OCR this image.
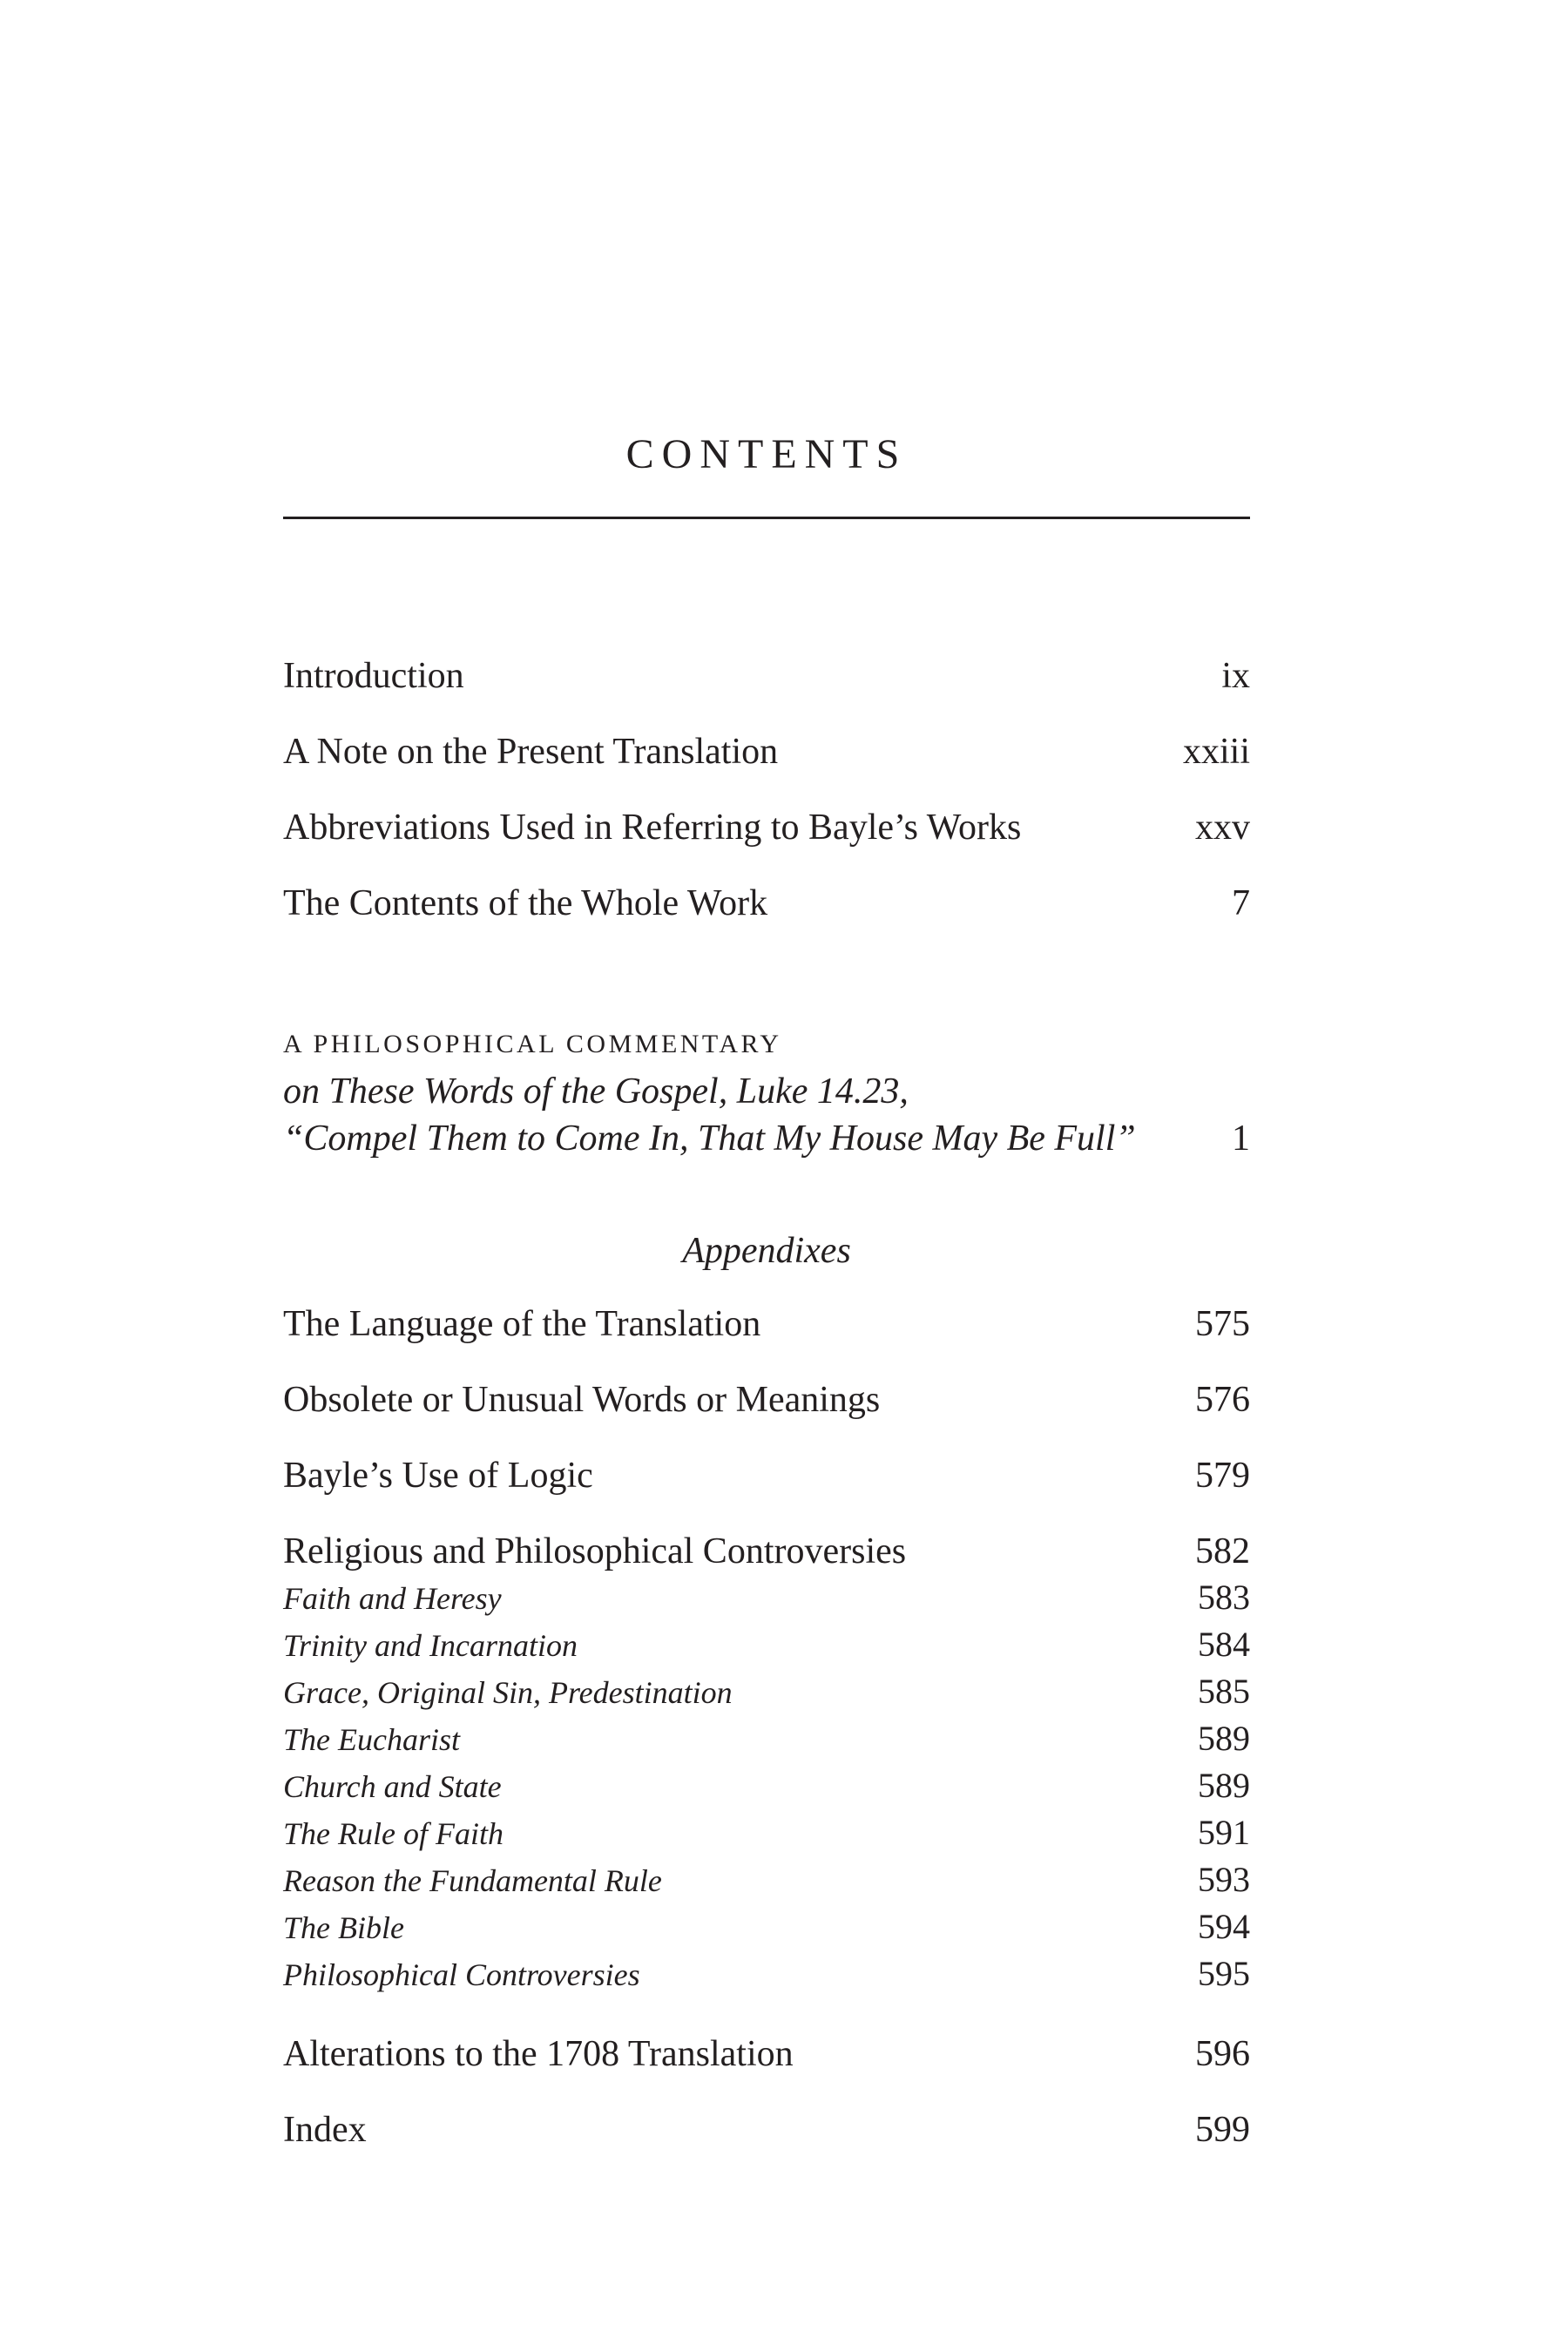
CONTENTS
Introduction	ix
A Note on the Present Translation	xxiii
Abbreviations Used in Referring to Bayle’s Works	xxv
The Contents of the Whole Work	7
A PHILOSOPHICAL COMMENTARY
on These Words of the Gospel, Luke 14.23,
“Compel Them to Come In, That My House May Be Full”	1
Appendixes
The Language of the Translation	575
Obsolete or Unusual Words or Meanings	576
Bayle’s Use of Logic	579
Religious and Philosophical Controversies	582
Faith and Heresy	583
Trinity and Incarnation	584
Grace, Original Sin, Predestination	585
The Eucharist	589
Church and State	589
The Rule of Faith	591
Reason the Fundamental Rule	593
The Bible	594
Philosophical Controversies	595
Alterations to the 1708 Translation	596
Index	599
